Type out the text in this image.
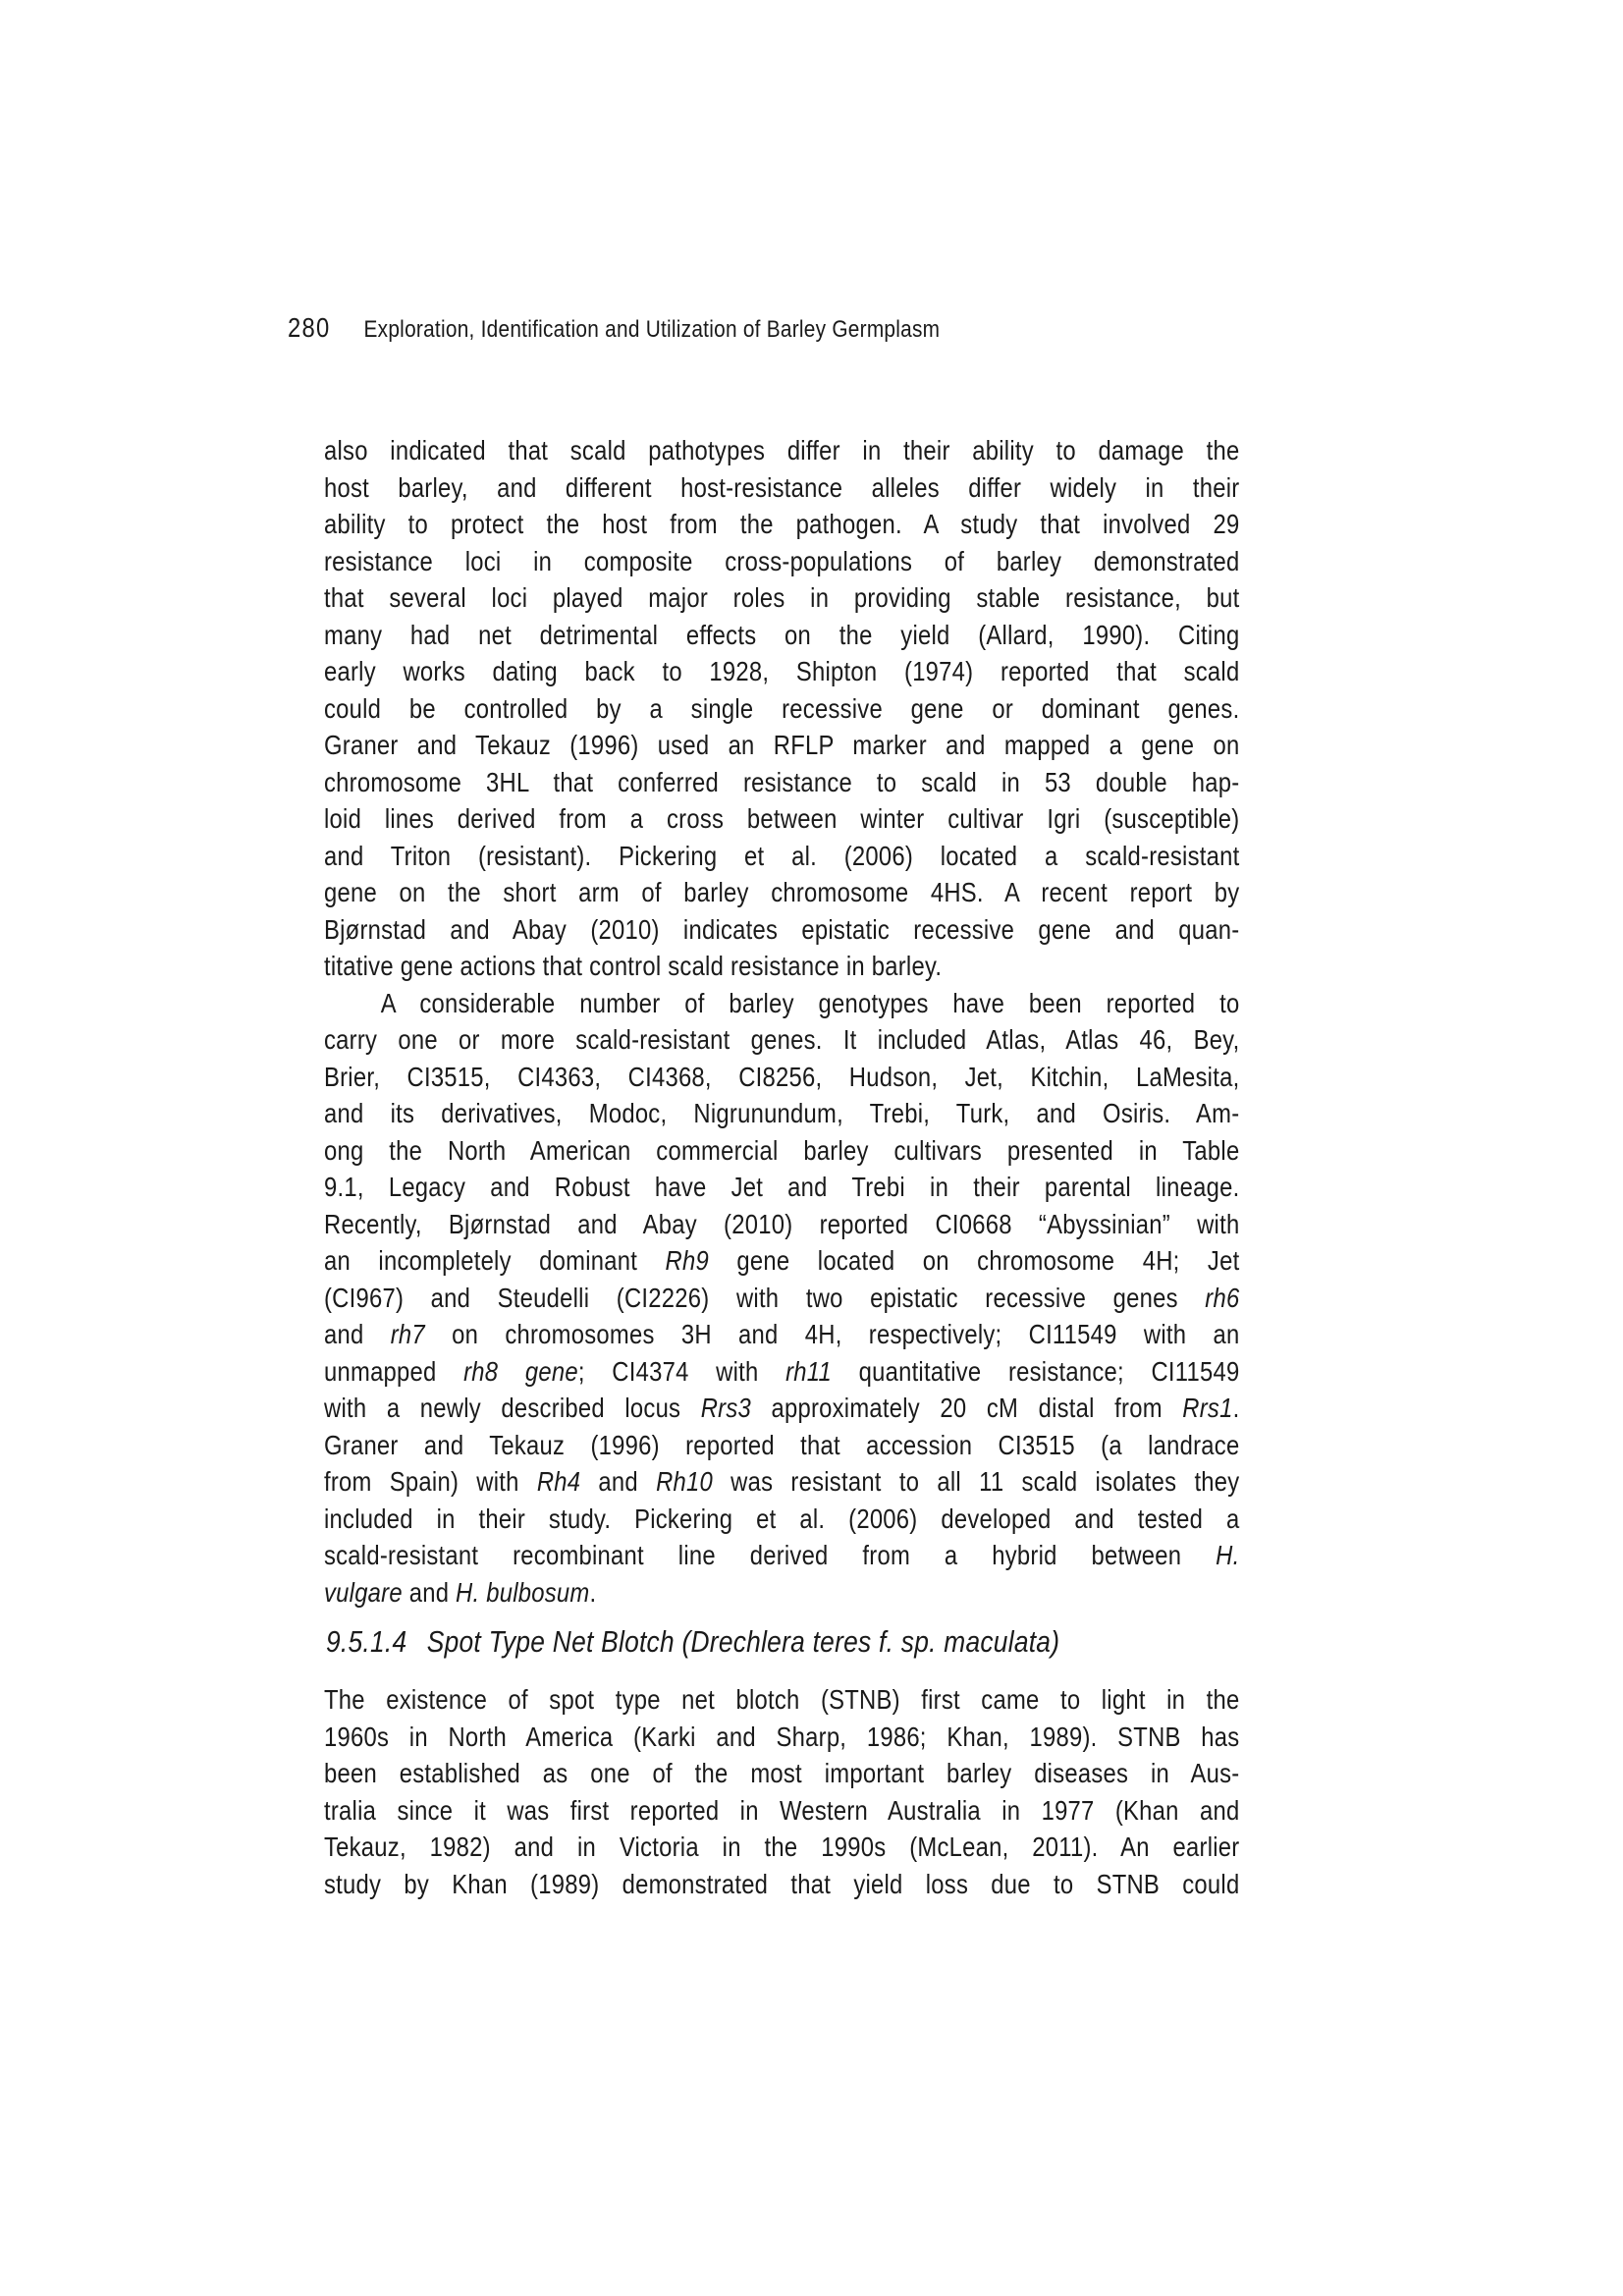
280 Exploration, Identification and Utilization of Barley Germplasm
also indicated that scald pathotypes differ in their ability to damage the
host barley, and different host-resistance alleles differ widely in their
ability to protect the host from the pathogen. A study that involved 29
resistance loci in composite cross-populations of barley demonstrated
that several loci played major roles in providing stable resistance, but
many had net detrimental effects on the yield (Allard, 1990). Citing
early works dating back to 1928, Shipton (1974) reported that scald
could be controlled by a single recessive gene or dominant genes.
Graner and Tekauz (1996) used an RFLP marker and mapped a gene on
chromosome 3HL that conferred resistance to scald in 53 double hap-
loid lines derived from a cross between winter cultivar Igri (susceptible)
and Triton (resistant). Pickering et al. (2006) located a scald-resistant
gene on the short arm of barley chromosome 4HS. A recent report by
Bjørnstad and Abay (2010) indicates epistatic recessive gene and quan-
titative gene actions that control scald resistance in barley.
A considerable number of barley genotypes have been reported to
carry one or more scald-resistant genes. It included Atlas, Atlas 46, Bey,
Brier, CI3515, CI4363, CI4368, CI8256, Hudson, Jet, Kitchin, LaMesita,
and its derivatives, Modoc, Nigrunundum, Trebi, Turk, and Osiris. Am-
ong the North American commercial barley cultivars presented in Table
9.1, Legacy and Robust have Jet and Trebi in their parental lineage.
Recently, Bjørnstad and Abay (2010) reported CI0668 “Abyssinian” with
an incompletely dominant Rh9 gene located on chromosome 4H; Jet
(CI967) and Steudelli (CI2226) with two epistatic recessive genes rh6
and rh7 on chromosomes 3H and 4H, respectively; CI11549 with an
unmapped rh8 gene; CI4374 with rh11 quantitative resistance; CI11549
with a newly described locus Rrs3 approximately 20 cM distal from Rrs1.
Graner and Tekauz (1996) reported that accession CI3515 (a landrace
from Spain) with Rh4 and Rh10 was resistant to all 11 scald isolates they
included in their study. Pickering et al. (2006) developed and tested a
scald-resistant recombinant line derived from a hybrid between H.
vulgare and H. bulbosum.
9.5.1.4 Spot Type Net Blotch (Drechlera teres f. sp. maculata)
The existence of spot type net blotch (STNB) first came to light in the
1960s in North America (Karki and Sharp, 1986; Khan, 1989). STNB has
been established as one of the most important barley diseases in Aus-
tralia since it was first reported in Western Australia in 1977 (Khan and
Tekauz, 1982) and in Victoria in the 1990s (McLean, 2011). An earlier
study by Khan (1989) demonstrated that yield loss due to STNB could
